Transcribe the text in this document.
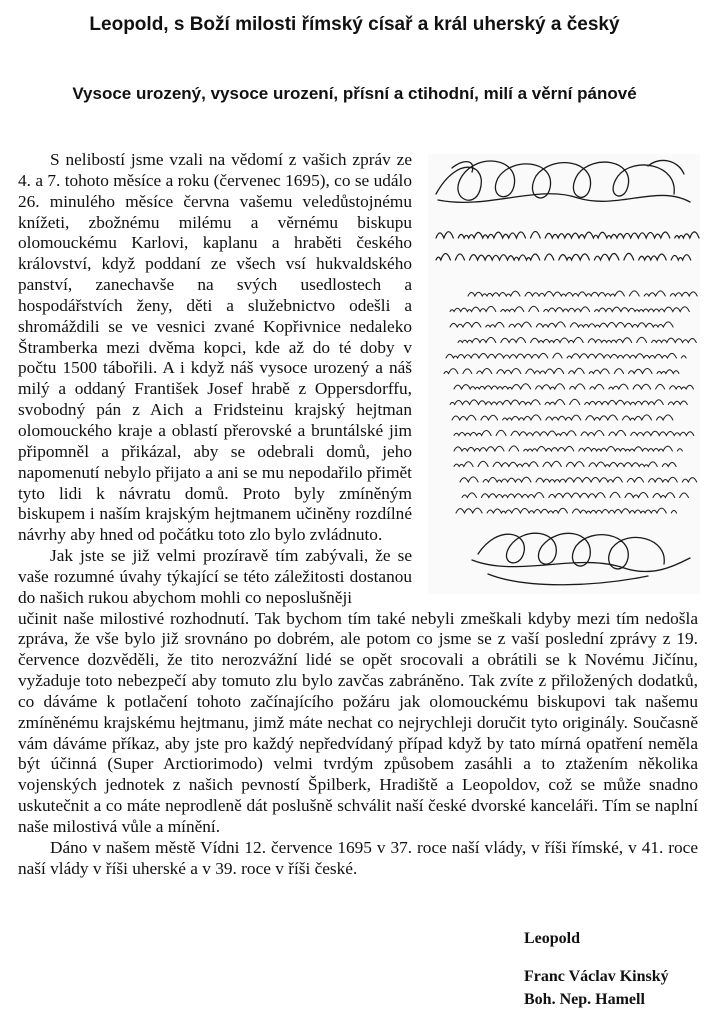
Leopold, s Boží milosti římský císař a král uherský a český
Vysoce urozený, vysoce urození, přísní a ctihodní, milí a věrní pánové
S nelibostí jsme vzali na vědomí z vašich zpráv ze 4. a 7. tohoto měsíce a roku (červenec 1695), co se událo 26. minulého měsíce června vašemu veledůstojnému knížeti, zbožnému milému a věrnému biskupu olomouckému Karlovi, kaplanu a hraběti českého království, když poddaní ze všech vsí hukvaldského panství, zanechavše na svých usedlostech a hospodářstvích ženy, děti a služebnictvo odešli a shromáždili se ve vesnici zvané Kopřivnice nedaleko Štramberka mezi dvěma kopci, kde až do té doby v počtu 1500 tábořili. A i když náš vysoce urozený a náš milý a oddaný František Josef hrabě z Oppersdorffu, svobodný pán z Aich a Fridsteinu krajský hejtman olomouckého kraje a oblastí přerovské a bruntálské jim připomněl a přikázal, aby se odebrali domů, jeho napomenutí nebylo přijato a ani se mu nepodařilo přimět tyto lidi k návratu domů. Proto byly zmíněným biskupem i naším krajským hejtmanem učiněny rozdílné návrhy aby hned od počátku toto zlo bylo zvládnuto.
Jak jste se již velmi prozíravě tím zabývali, že se vaše rozumné úvahy týkající se této záležitosti dostanou do našich rukou abychom mohli co neposlušněji
učinit naše milostivé rozhodnutí. Tak bychom tím také nebyli zmeškali kdyby mezi tím nedošla zpráva, že vše bylo již srovnáno po dobrém, ale potom co jsme se z vaší poslední zprávy z 19. července dozvěděli, že tito nerozvážní lidé se opět srocovali a obrátili se k Novému Jičínu, vyžaduje toto nebezpečí aby tomuto zlu bylo zavčas zabráněno. Tak zvíte z přiložených dodatků, co dáváme k potlačení tohoto začínajícího požáru jak olomouckému biskupovi tak našemu zmíněnému krajskému hejtmanu, jimž máte nechat co nejrychleji doručit tyto originály. Současně vám dáváme příkaz, aby jste pro každý nepředvídaný případ když by tato mírná opatření neměla být účinná (Super Arctiorimodo) velmi tvrdým způsobem zasáhli a to ztažením několika vojenských jednotek z našich pevností Špilberk, Hradiště a Leopoldov, což se může snadno uskutečnit a co máte neprodleně dát poslušně schválit naší české dvorské kanceláři. Tím se naplní naše milostivá vůle a mínění.
Dáno v našem městě Vídni 12. července 1695 v 37. roce naší vlády, v říši římské, v 41. roce naší vlády v říši uherské a v 39. roce v říši české.
Leopold
Franc Václav Kinský
Boh. Nep. Hamell
